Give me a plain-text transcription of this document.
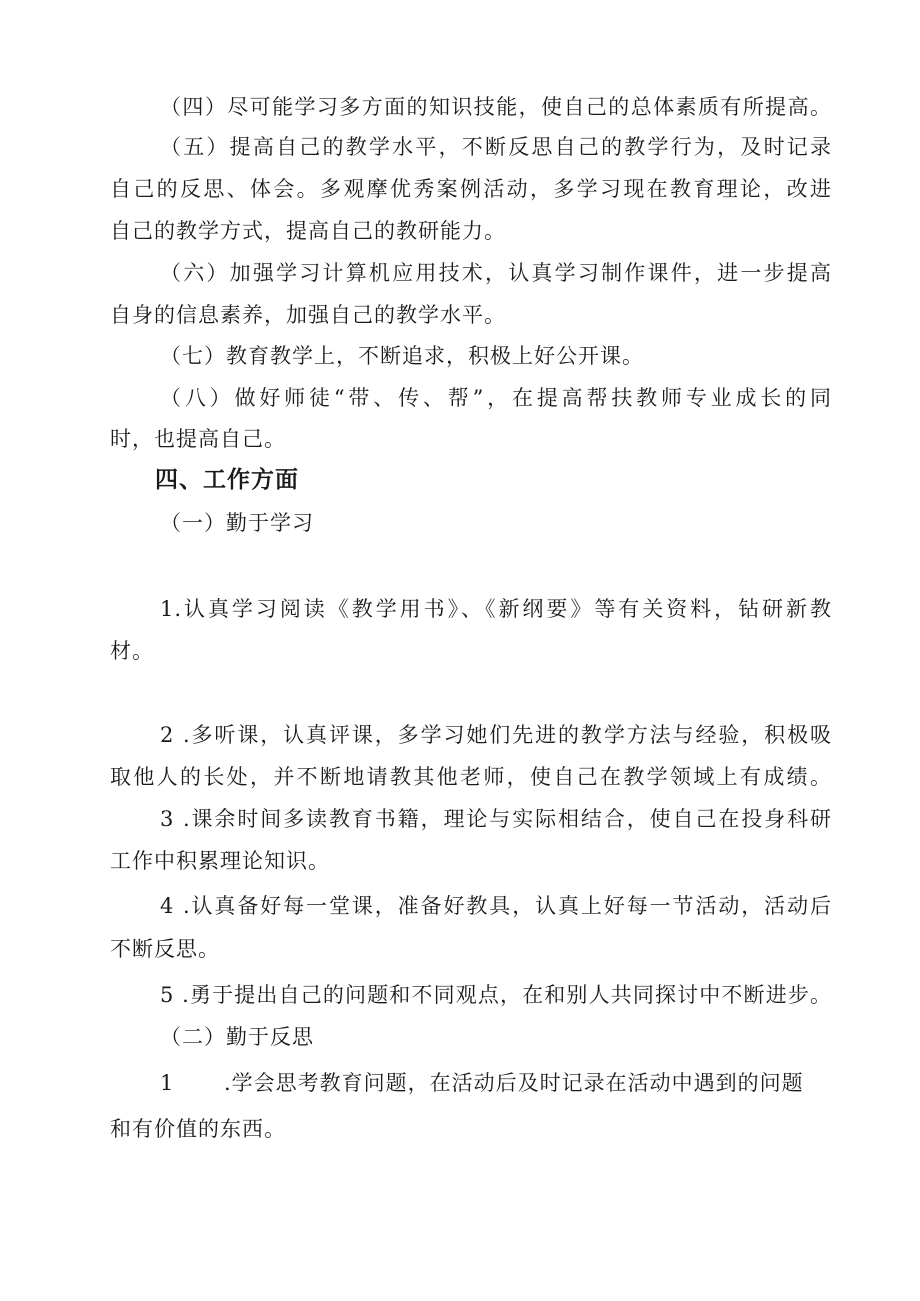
（四）尽可能学习多方面的知识技能，使自己的总体素质有所提高。
（五）提高自己的教学水平，不断反思自己的教学行为，及时记录
自己的反思、体会。多观摩优秀案例活动，多学习现在教育理论，改进
自己的教学方式，提高自己的教研能力。
（六）加强学习计算机应用技术，认真学习制作课件，进一步提高
自身的信息素养，加强自己的教学水平。
（七）教育教学上，不断追求，积极上好公开课。
（八）做好师徒“带、传、帮”，在提高帮扶教师专业成长的同
时，也提高自己。
四、工作方面
（一）勤于学习
1.认真学习阅读《教学用书》、《新纲要》等有关资料，钻研新教
材。
2 .多听课，认真评课，多学习她们先进的教学方法与经验，积极吸
取他人的长处，并不断地请教其他老师，使自己在教学领域上有成绩。
3 .课余时间多读教育书籍，理论与实际相结合，使自己在投身科研
工作中积累理论知识。
4 .认真备好每一堂课，准备好教具，认真上好每一节活动，活动后
不断反思。
5 .勇于提出自己的问题和不同观点，在和别人共同探讨中不断进步。
（二）勤于反思
1 .学会思考教育问题，在活动后及时记录在活动中遇到的问题
和有价值的东西。
